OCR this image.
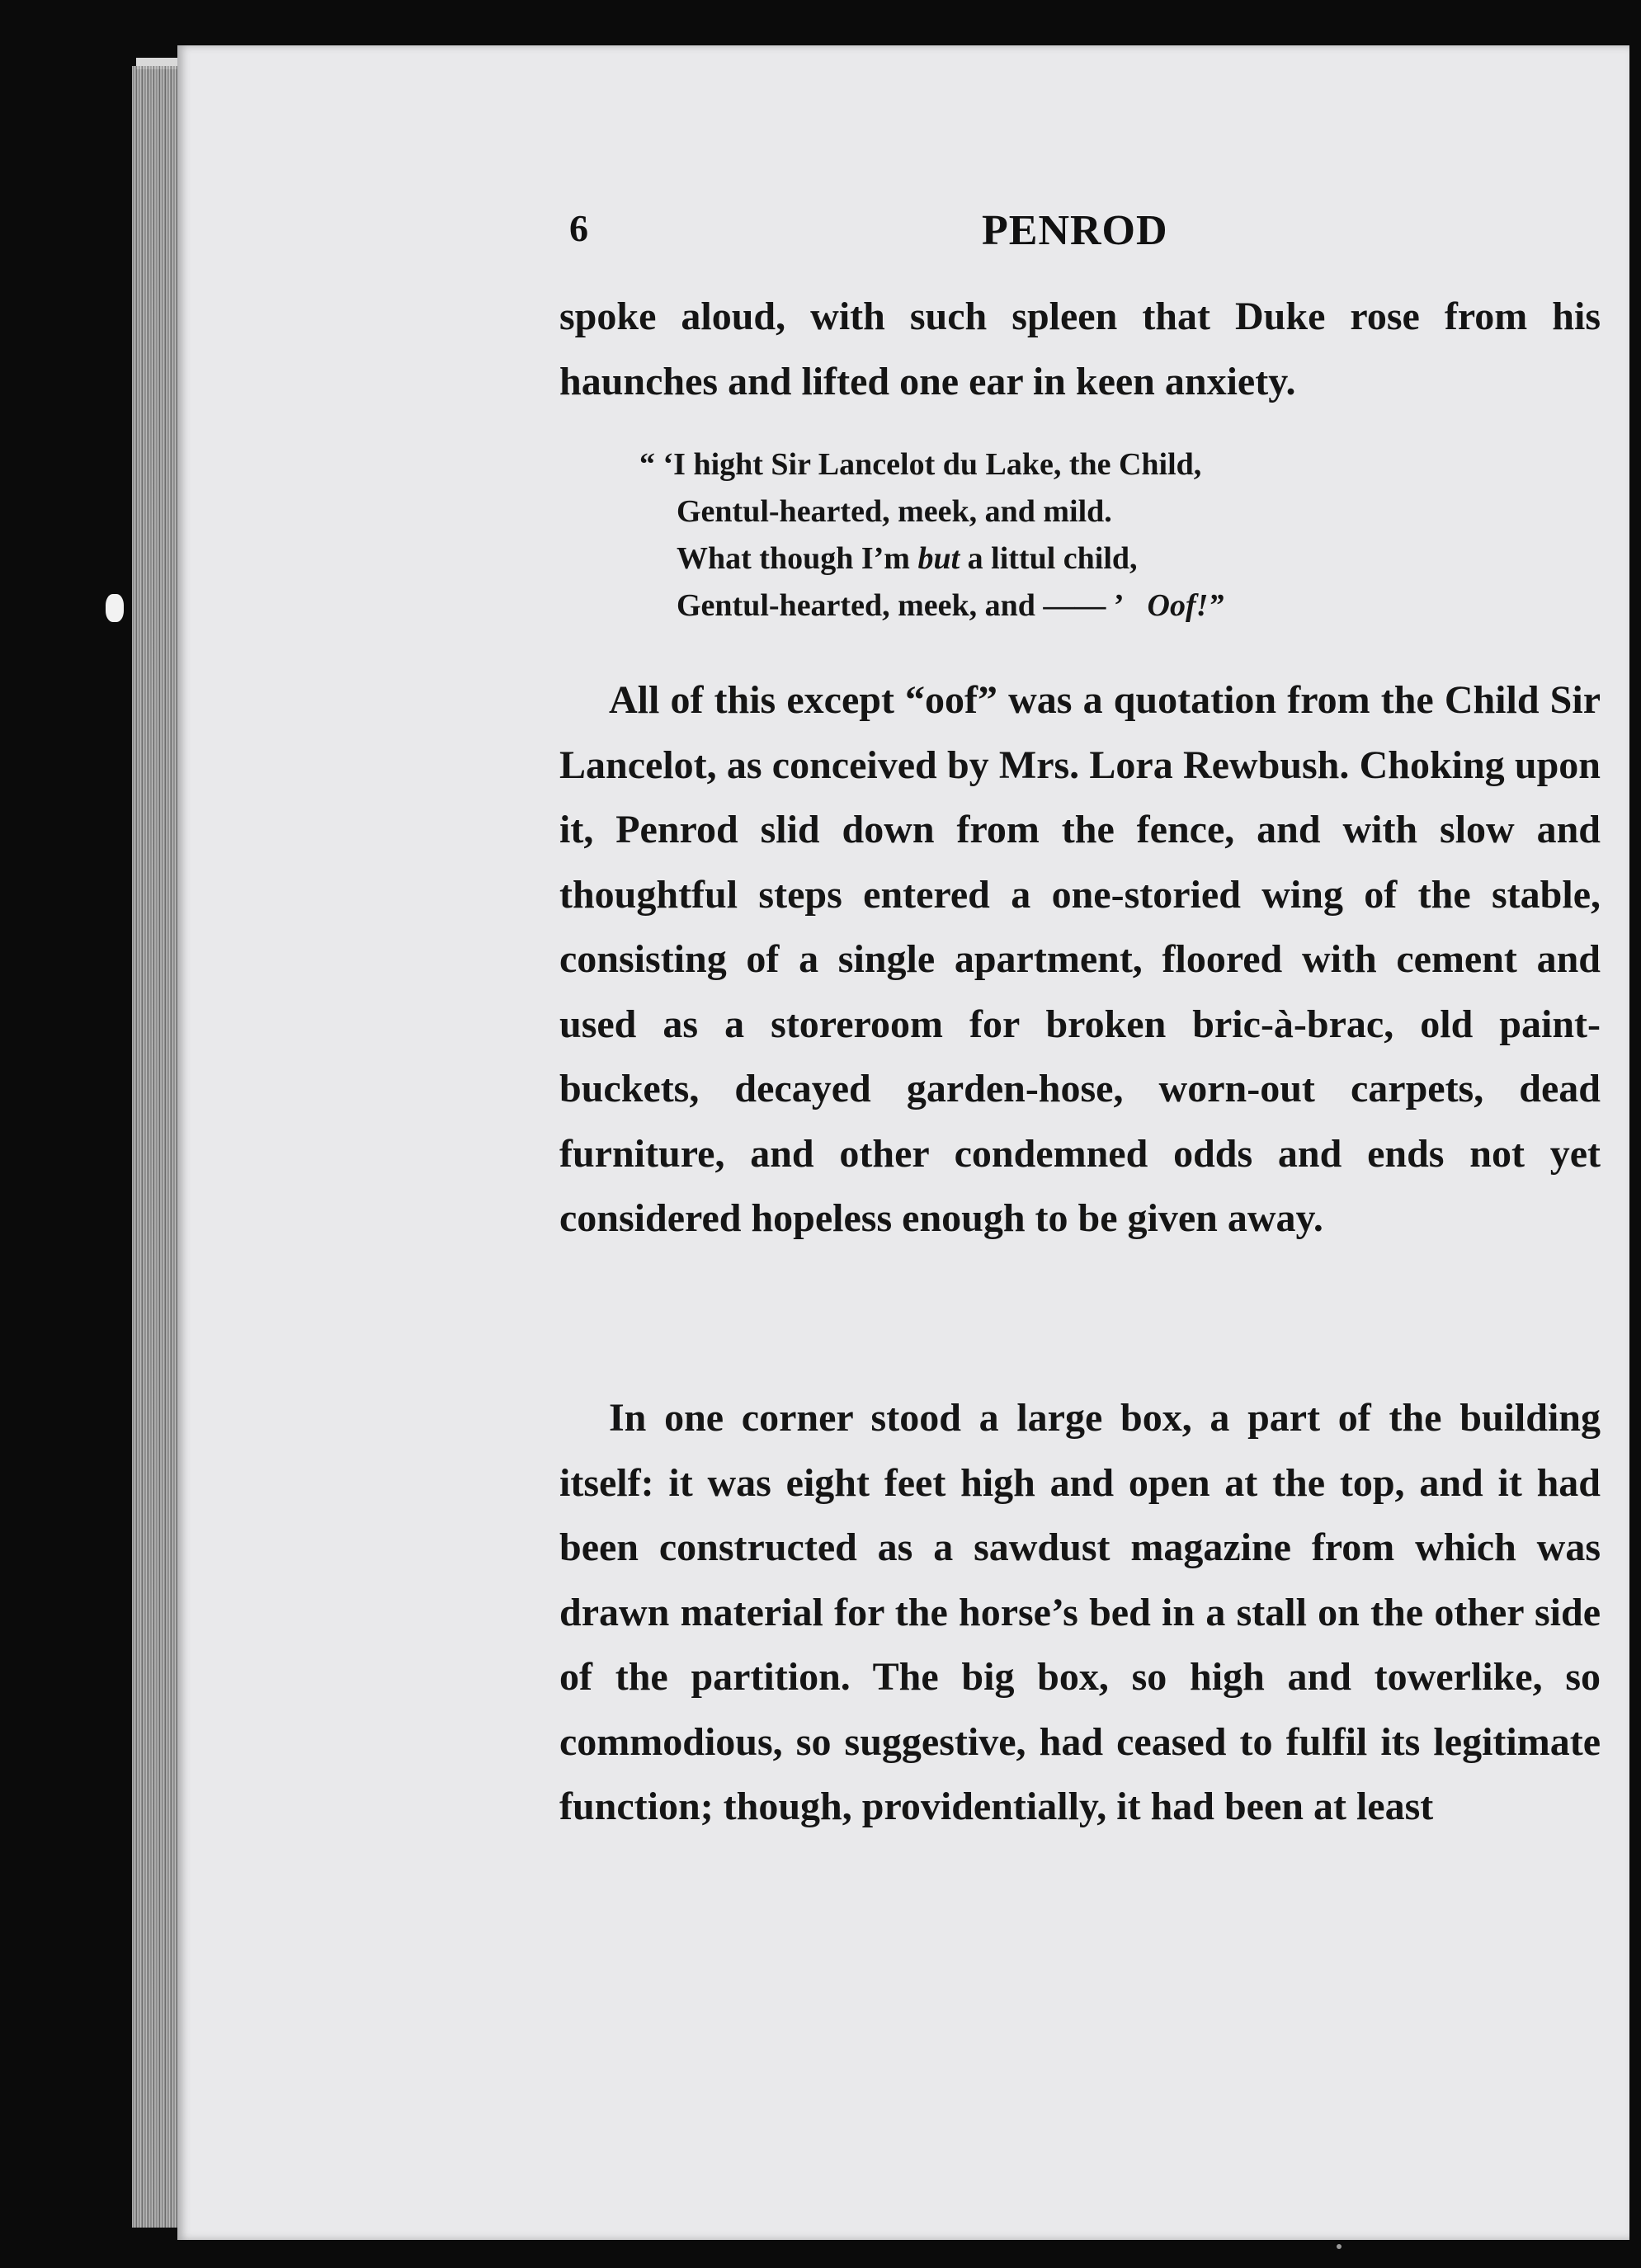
6	PENROD
spoke aloud, with such spleen that Duke rose from his haunches and lifted one ear in keen anxiety.
“ ‘I hight Sir Lancelot du Lake, the Child,
Gentul-hearted, meek, and mild.
What though I’m but a littul child,
Gentul-hearted, meek, and —— ’ Oof!”
All of this except “oof” was a quotation from the Child Sir Lancelot, as conceived by Mrs. Lora Rewbush. Choking upon it, Penrod slid down from the fence, and with slow and thoughtful steps entered a one-storied wing of the stable, consisting of a single apartment, floored with cement and used as a storeroom for broken bric-à-brac, old paint-buckets, decayed garden-hose, worn-out carpets, dead furniture, and other condemned odds and ends not yet considered hopeless enough to be given away.
In one corner stood a large box, a part of the building itself: it was eight feet high and open at the top, and it had been constructed as a sawdust magazine from which was drawn material for the horse’s bed in a stall on the other side of the partition. The big box, so high and towerlike, so commodious, so suggestive, had ceased to fulfil its legitimate function; though, providentially, it had been at least
